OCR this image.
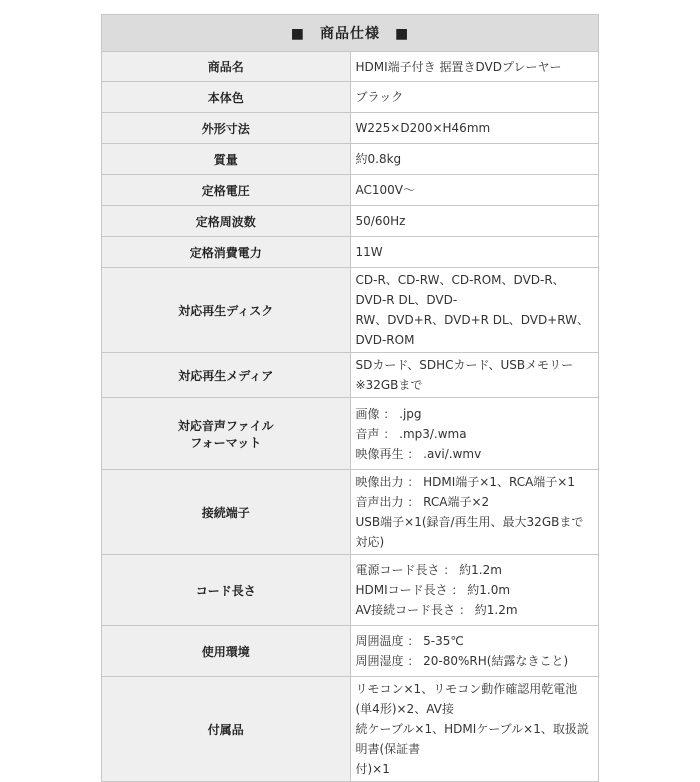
■　商品仕様　■	

商品名	HDMI端子付き 据置きDVDプレーヤー

本体色	ブラック

外形寸法	W225×D200×H46mm

質量	約0.8kg

定格電圧	AC100V〜

定格周波数	50/60Hz

定格消費電力	11W

対応再生ディスク	CD-R、CD-RW、CD-ROM、DVD-R、DVD-R DL、DVD-
RW、DVD+R、DVD+R DL、DVD+RW、DVD-ROM

対応再生メディア	SDカード、SDHCカード、USBメモリー ※32GBまで

対応音声ファイル
フォーマット	画像 ： .jpg
音声 ： .mp3/.wma
映像再生 ： .avi/.wmv

接続端子	映像出力 ： HDMI端子×1、RCA端子×1
音声出力 ： RCA端子×2
USB端子×1(録音/再生用、最大32GBまで対応)

コード長さ	電源コード長さ ： 約1.2m
HDMIコード長さ ： 約1.0m
AV接続コード長さ ： 約1.2m

使用環境	周囲温度 ： 5-35℃
周囲湿度 ： 20-80%RH(結露なきこと)

付属品	リモコン×1、リモコン動作確認用乾電池(単4形)×2、AV接
続ケーブル×1、HDMIケーブル×1、取扱説明書(保証書
付)×1
